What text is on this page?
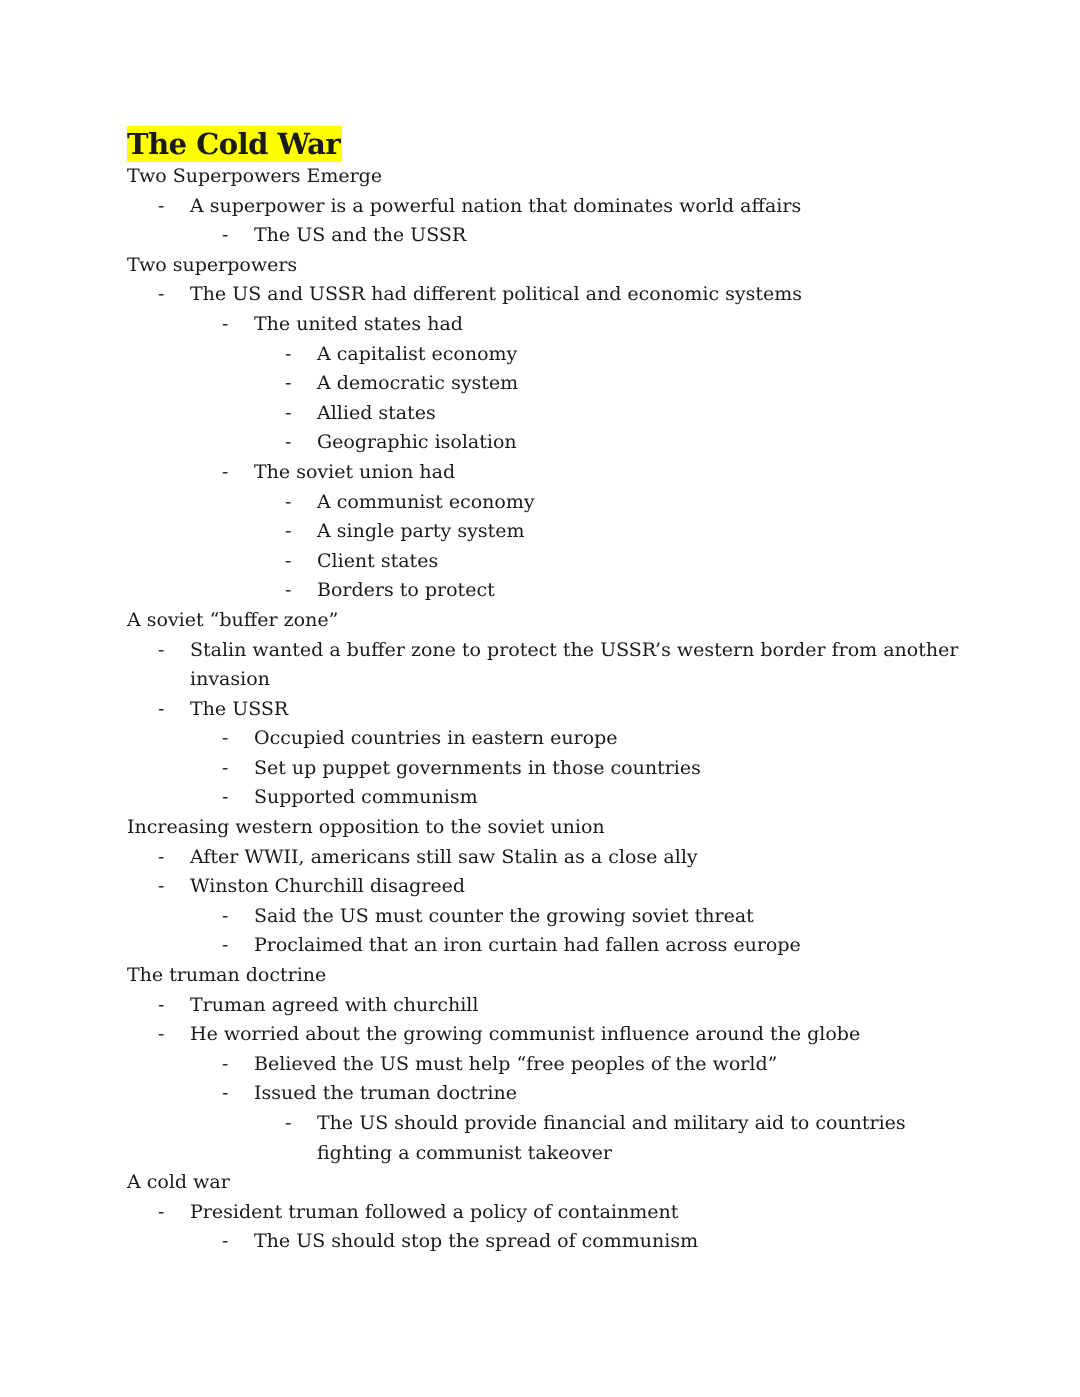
The Cold War
Two Superpowers Emerge
- A superpower is a powerful nation that dominates world affairs
- The US and the USSR
Two superpowers
- The US and USSR had different political and economic systems
- The united states had
- A capitalist economy
- A democratic system
- Allied states
- Geographic isolation
- The soviet union had
- A communist economy
- A single party system
- Client states
- Borders to protect
A soviet “buffer zone”
- Stalin wanted a buffer zone to protect the USSR’s western border from another invasion
- The USSR
- Occupied countries in eastern europe
- Set up puppet governments in those countries
- Supported communism
Increasing western opposition to the soviet union
- After WWII, americans still saw Stalin as a close ally
- Winston Churchill disagreed
- Said the US must counter the growing soviet threat
- Proclaimed that an iron curtain had fallen across europe
The truman doctrine
- Truman agreed with churchill
- He worried about the growing communist influence around the globe
- Believed the US must help “free peoples of the world”
- Issued the truman doctrine
- The US should provide financial and military aid to countries fighting a communist takeover
A cold war
- President truman followed a policy of containment
- The US should stop the spread of communism
